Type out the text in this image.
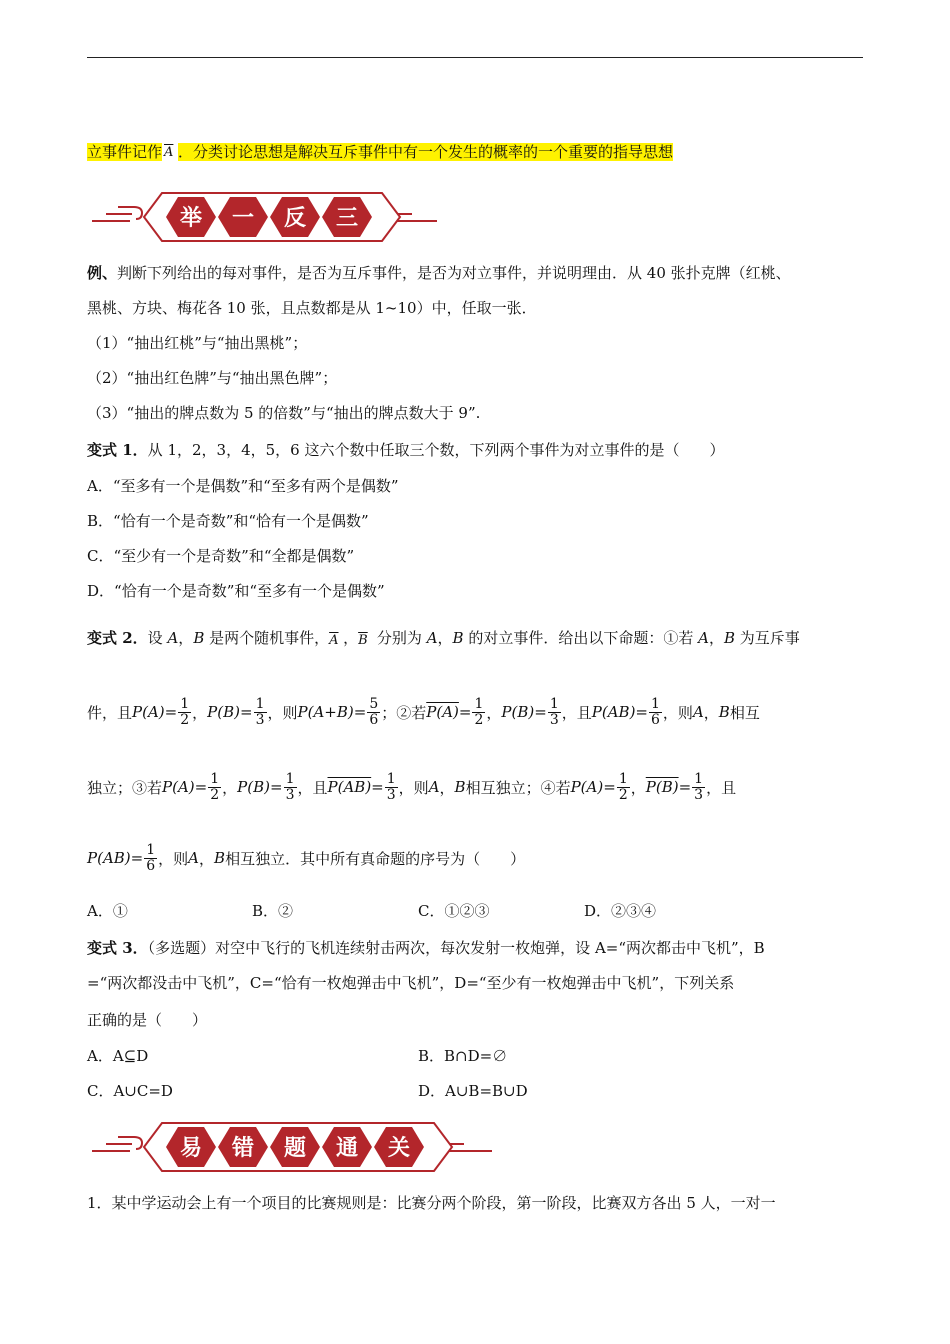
立事件记作 $\overline{A}$ ．分类讨论思想是解决互斥事件中有一个发生的概率的一个重要的指导思想
举 一 反 三
例、判断下列给出的每对事件，是否为互斥事件，是否为对立事件，并说明理由．从 40 张扑克牌（红桃、
黑桃、方块、梅花各 10 张，且点数都是从 1~10）中，任取一张．
（1）“抽出红桃”与“抽出黑桃”；
（2）“抽出红色牌”与“抽出黑色牌”；
（3）“抽出的牌点数为 5 的倍数”与“抽出的牌点数大于 9”.
变式 1．从 1，2，3，4，5，6 这六个数中任取三个数，下列两个事件为对立事件的是（　　）
A．“至多有一个是偶数”和“至多有两个是偶数”
B．“恰有一个是奇数”和“恰有一个是偶数”
C．“至少有一个是奇数”和“全都是偶数”
D．“恰有一个是奇数”和“至多有一个是偶数”
变式 2．设 A，B 是两个随机事件， $\overline{A}$ ， $\overline{B}$ 分别为 A，B 的对立事件．给出以下命题：①若 A，B 为互斥事
件，且 $P(A) = \frac{1}{2}$ ， $P(B) = \frac{1}{3}$ ，则 $P(A+B) = \frac{5}{6}$ ；②若 $P(A) = \frac{1}{2}$ ， $P(B) = \frac{1}{3}$ ，且 $P(AB) = \frac{1}{6}$ ，则 A ， B 相互
独立；③若 $P(A) = \frac{1}{2}$ ， $P(B) = \frac{1}{3}$ ，且 $P(AB) = \frac{1}{3}$ ，则 A ， B 相互独立；④若 $P(A) = \frac{1}{2}$ ， $P(B) = \frac{1}{3}$ ，且
$P(AB) = \frac{1}{6}$ ，则 A ， B 相互独立．其中所有真命题的序号为（　　）
A．①	B．②	C．①②③	D．②③④
变式 3．（多选题）对空中飞行的飞机连续射击两次，每次发射一枚炮弹，设 A=“两次都击中飞机”，B
=“两次都没击中飞机”，C=“恰有一枚炮弹击中飞机”，D=“至少有一枚炮弹击中飞机”，下列关系
正确的是（　　）
A．A⊆D	B．B∩D=∅
C．A∪C=D	D．A∪B=B∪D
易 错 题 通 关
1．某中学运动会上有一个项目的比赛规则是：比赛分两个阶段，第一阶段，比赛双方各出 5 人，一对一
